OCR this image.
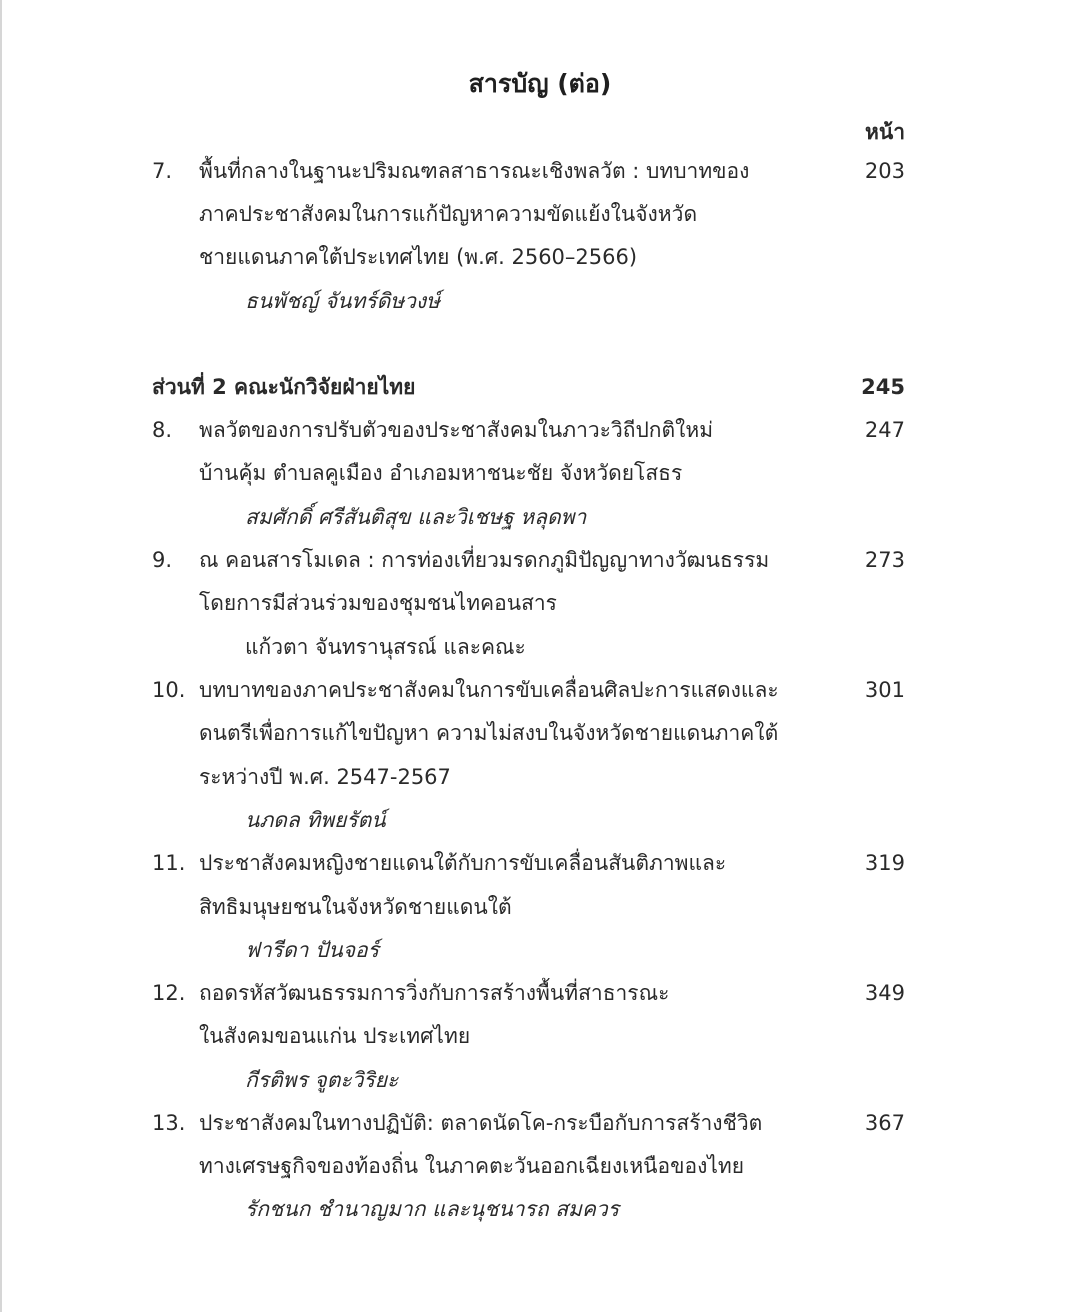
สารบัญ (ต่อ)
หน้า
7. พื้นที่กลางในฐานะปริมณฑลสาธารณะเชิงพลวัต : บทบาทของ	203
ภาคประชาสังคมในการแก้ปัญหาความขัดแย้งในจังหวัด
ชายแดนภาคใต้ประเทศไทย (พ.ศ. 2560–2566)
ธนพัชญ์ จันทร์ดิษวงษ์
ส่วนที่ 2 คณะนักวิจัยฝ่ายไทย	245
8. พลวัตของการปรับตัวของประชาสังคมในภาวะวิถีปกติใหม่	247
บ้านคุ้ม ตำบลคูเมือง อำเภอมหาชนะชัย จังหวัดยโสธร
สมศักดิ์ ศรีสันติสุข และวิเชษฐ หลุดพา
9. ณ คอนสารโมเดล : การท่องเที่ยวมรดกภูมิปัญญาทางวัฒนธรรม	273
โดยการมีส่วนร่วมของชุมชนไทคอนสาร
แก้วตา จันทรานุสรณ์ และคณะ
10. บทบาทของภาคประชาสังคมในการขับเคลื่อนศิลปะการแสดงและ	301
ดนตรีเพื่อการแก้ไขปัญหา ความไม่สงบในจังหวัดชายแดนภาคใต้
ระหว่างปี พ.ศ. 2547-2567
นภดล ทิพยรัตน์
11. ประชาสังคมหญิงชายแดนใต้กับการขับเคลื่อนสันติภาพและ	319
สิทธิมนุษยชนในจังหวัดชายแดนใต้
ฟารีดา ปันจอร์
12. ถอดรหัสวัฒนธรรมการวิ่งกับการสร้างพื้นที่สาธารณะ	349
ในสังคมขอนแก่น ประเทศไทย
กีรติพร จูตะวิริยะ
13. ประชาสังคมในทางปฏิบัติ: ตลาดนัดโค-กระบือกับการสร้างชีวิต	367
ทางเศรษฐกิจของท้องถิ่น ในภาคตะวันออกเฉียงเหนือของไทย
รักชนก ชำนาญมาก และนุชนารถ สมควร
